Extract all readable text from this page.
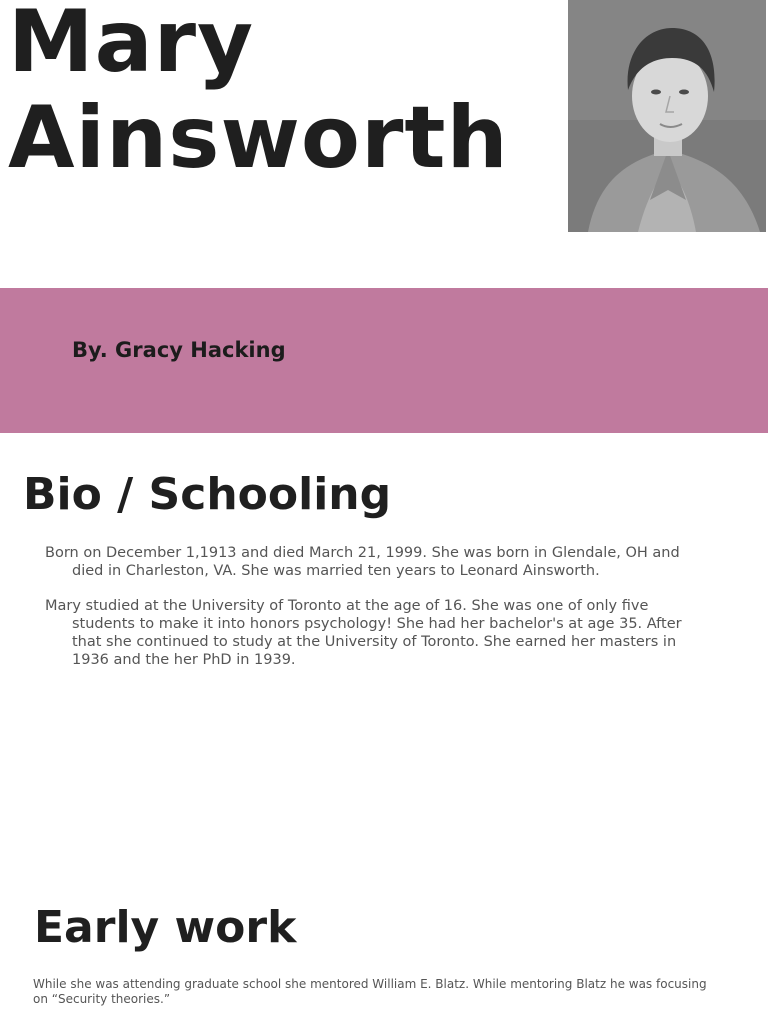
Mary
Ainsworth

By. Gracy Hacking

Bio / Schooling

Born on December 1,1913 and died March 21, 1999. She was born in Glendale, OH and died in Charleston, VA. She was married ten years to Leonard Ainsworth.

Mary studied at the University of Toronto at the age of 16. She was one of only five students to make it into honors psychology! She had her bachelor's at age 35. After that she continued to study at the University of Toronto. She earned her masters in 1936 and the her PhD in 1939.

Early work

While she was attending graduate school she mentored William E. Blatz. While mentoring Blatz he was focusing on “Security theories.”
